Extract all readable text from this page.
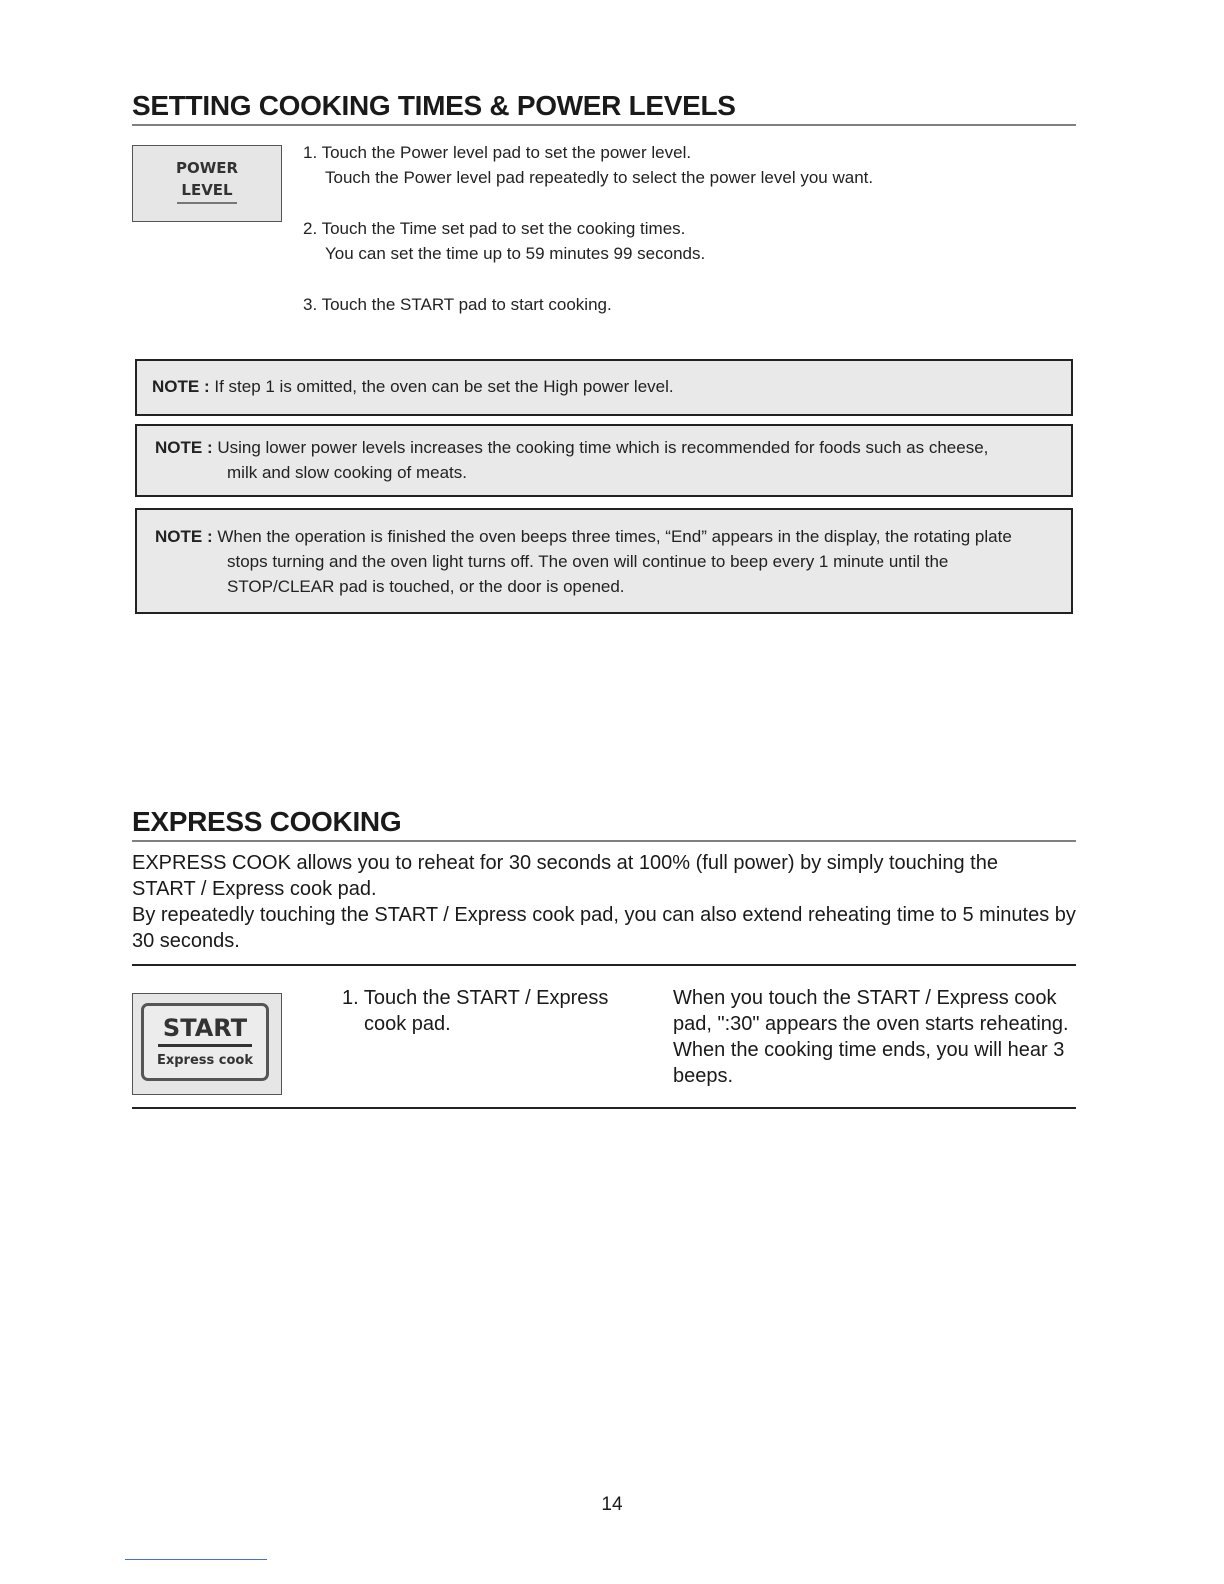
SETTING COOKING TIMES & POWER LEVELS
POWER
LEVEL
1. Touch the Power level pad to set the power level.
Touch the Power level pad repeatedly to select the power level you want.
2. Touch the Time set pad to set the cooking times.
You can set the time up to 59 minutes 99 seconds.
3. Touch the START pad to start cooking.
NOTE : If step 1 is omitted, the oven can be set the High power level.
NOTE : Using lower power levels increases the cooking time which is recommended for foods such as cheese,
milk and slow cooking of meats.
NOTE : When the operation is finished the oven beeps three times, “End” appears in the display, the rotating plate
stops turning and the oven light turns off. The oven will continue to beep every 1 minute until the
STOP/CLEAR pad is touched, or the door is opened.
EXPRESS COOKING
EXPRESS COOK allows you to reheat for 30 seconds at 100% (full power) by simply touching the
START / Express cook pad.
By repeatedly touching the START / Express cook pad, you can also extend reheating time to 5 minutes by
30 seconds.
START
Express cook
1. Touch the START / Express
cook pad.
When you touch the START / Express cook
pad, ":30" appears the oven starts reheating.
When the cooking time ends, you will hear 3
beeps.
14
